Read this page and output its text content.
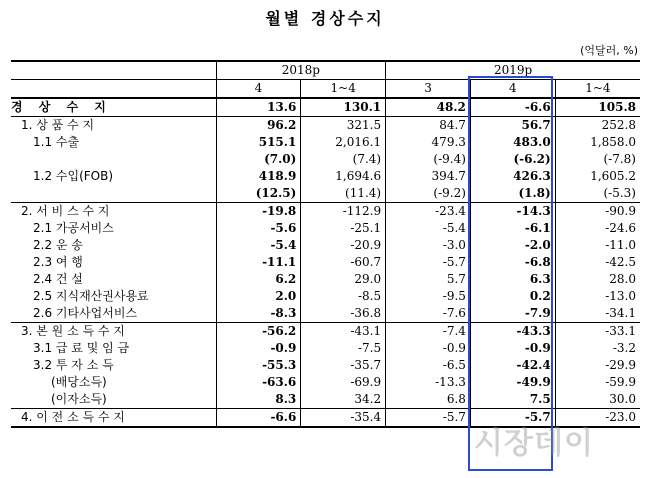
월별 경상수지
(억달러, %)
	2018p		2019p		
	4	1~4	3	4	1~4
경 상 수 지	13.6	130.1	48.2	-6.6	105.8
1. 상 품 수 지	96.2	321.5	84.7	56.7	252.8
1.1 수출	515.1	2,016.1	479.3	483.0	1,858.0
	(7.0)	(7.4)	(-9.4)	(-6.2)	(-7.8)
1.2 수입(FOB)	418.9	1,694.6	394.7	426.3	1,605.2
	(12.5)	(11.4)	(-9.2)	(1.8)	(-5.3)
2. 서 비 스 수 지	-19.8	-112.9	-23.4	-14.3	-90.9
2.1 가공서비스	-5.6	-25.1	-5.4	-6.1	-24.6
2.2 운 송	-5.4	-20.9	-3.0	-2.0	-11.0
2.3 여 행	-11.1	-60.7	-5.7	-6.8	-42.5
2.4 건 설	6.2	29.0	5.7	6.3	28.0
2.5 지식재산권사용료	2.0	-8.5	-9.5	0.2	-13.0
2.6 기타사업서비스	-8.3	-36.8	-7.6	-7.9	-34.1
3. 본 원 소 득 수 지	-56.2	-43.1	-7.4	-43.3	-33.1
3.1 급 료 및 임 금	-0.9	-7.5	-0.9	-0.9	-3.2
3.2 투 자 소 득	-55.3	-35.7	-6.5	-42.4	-29.9
(배당소득)	-63.6	-69.9	-13.3	-49.9	-59.9
(이자소득)	8.3	34.2	6.8	7.5	30.0
4. 이 전 소 득 수 지	-6.6	-35.4	-5.7	-5.7	-23.0
시장데이
